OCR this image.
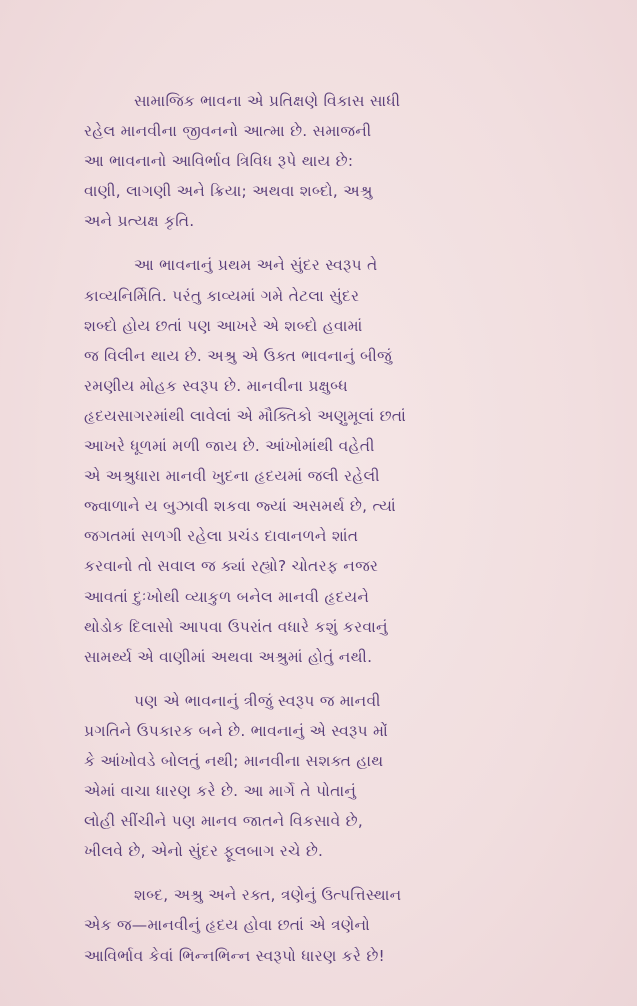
સામાજિક ભાવના એ પ્રતિક્ષણે વિકાસ સાધી
રહેલ માનવીના જીવનનો આત્મા છે. સમાજની
આ ભાવનાનો આવિર્ભાવ ત્રિવિધ રૂપે થાય છે:
વાણી, લાગણી અને ક્રિયા; અથવા શબ્દો, અશ્રુ
અને પ્રત્યક્ષ કૃતિ.

આ ભાવનાનું પ્રથમ અને સુંદર સ્વરૂપ તે
કાવ્યનિર્મિતિ. પરંતુ કાવ્યમાં ગમે તેટલા સુંદર
શબ્દો હોય છતાં પણ આખરે એ શબ્દો હવામાં
જ વિલીન થાય છે. અશ્રુ એ ઉક્ત ભાવનાનું બીજું
રમણીય મોહક સ્વરૂપ છે. માનવીના પ્રક્ષુબ્ધ
હૃદયસાગરમાંથી લાવેલાં એ મૌક્તિકો અણુમૂલાં છતાં
આખરે ધૂળમાં મળી જાય છે. આંખોમાંથી વહેતી
એ અશ્રુધારા માનવી ખુદના હૃદયમાં જલી રહેલી
જ્વાળાને ય બુઝાવી શકવા જ્યાં અસમર્થ છે, ત્યાં
જગતમાં સળગી રહેલા પ્રચંડ દાવાનળને શાંત
કરવાનો તો સવાલ જ ક્યાં રહ્યો? ચોતરફ નજર
આવતાં દુઃખોથી વ્યાકુળ બનેલ માનવી હૃદયને
થોડોક દિલાસો આપવા ઉપરાંત વધારે કશું કરવાનું
સામર્થ્ય એ વાણીમાં અથવા અશ્રુમાં હોતું નથી.

પણ એ ભાવનાનું ત્રીજું સ્વરૂપ જ માનવી
પ્રગતિને ઉપકારક બને છે. ભાવનાનું એ સ્વરૂપ મોં
કે આંખોવડે બોલતું નથી; માનવીના સશક્ત હાથ
એમાં વાચા ધારણ કરે છે. આ માર્ગે તે પોતાનું
લોહી સીંચીને પણ માનવ જાતને વિકસાવે છે,
ખીલવે છે, એનો સુંદર ફૂલબાગ રચે છે.

શબ્દ, અશ્રુ અને રક્ત, ત્રણેનું ઉત્પત્તિસ્થાન
એક જ—માનવીનું હૃદય હોવા છતાં એ ત્રણેનો
આવિર્ભાવ કેવાં ભિન્નભિન્ન સ્વરૂપો ધારણ કરે છે!
